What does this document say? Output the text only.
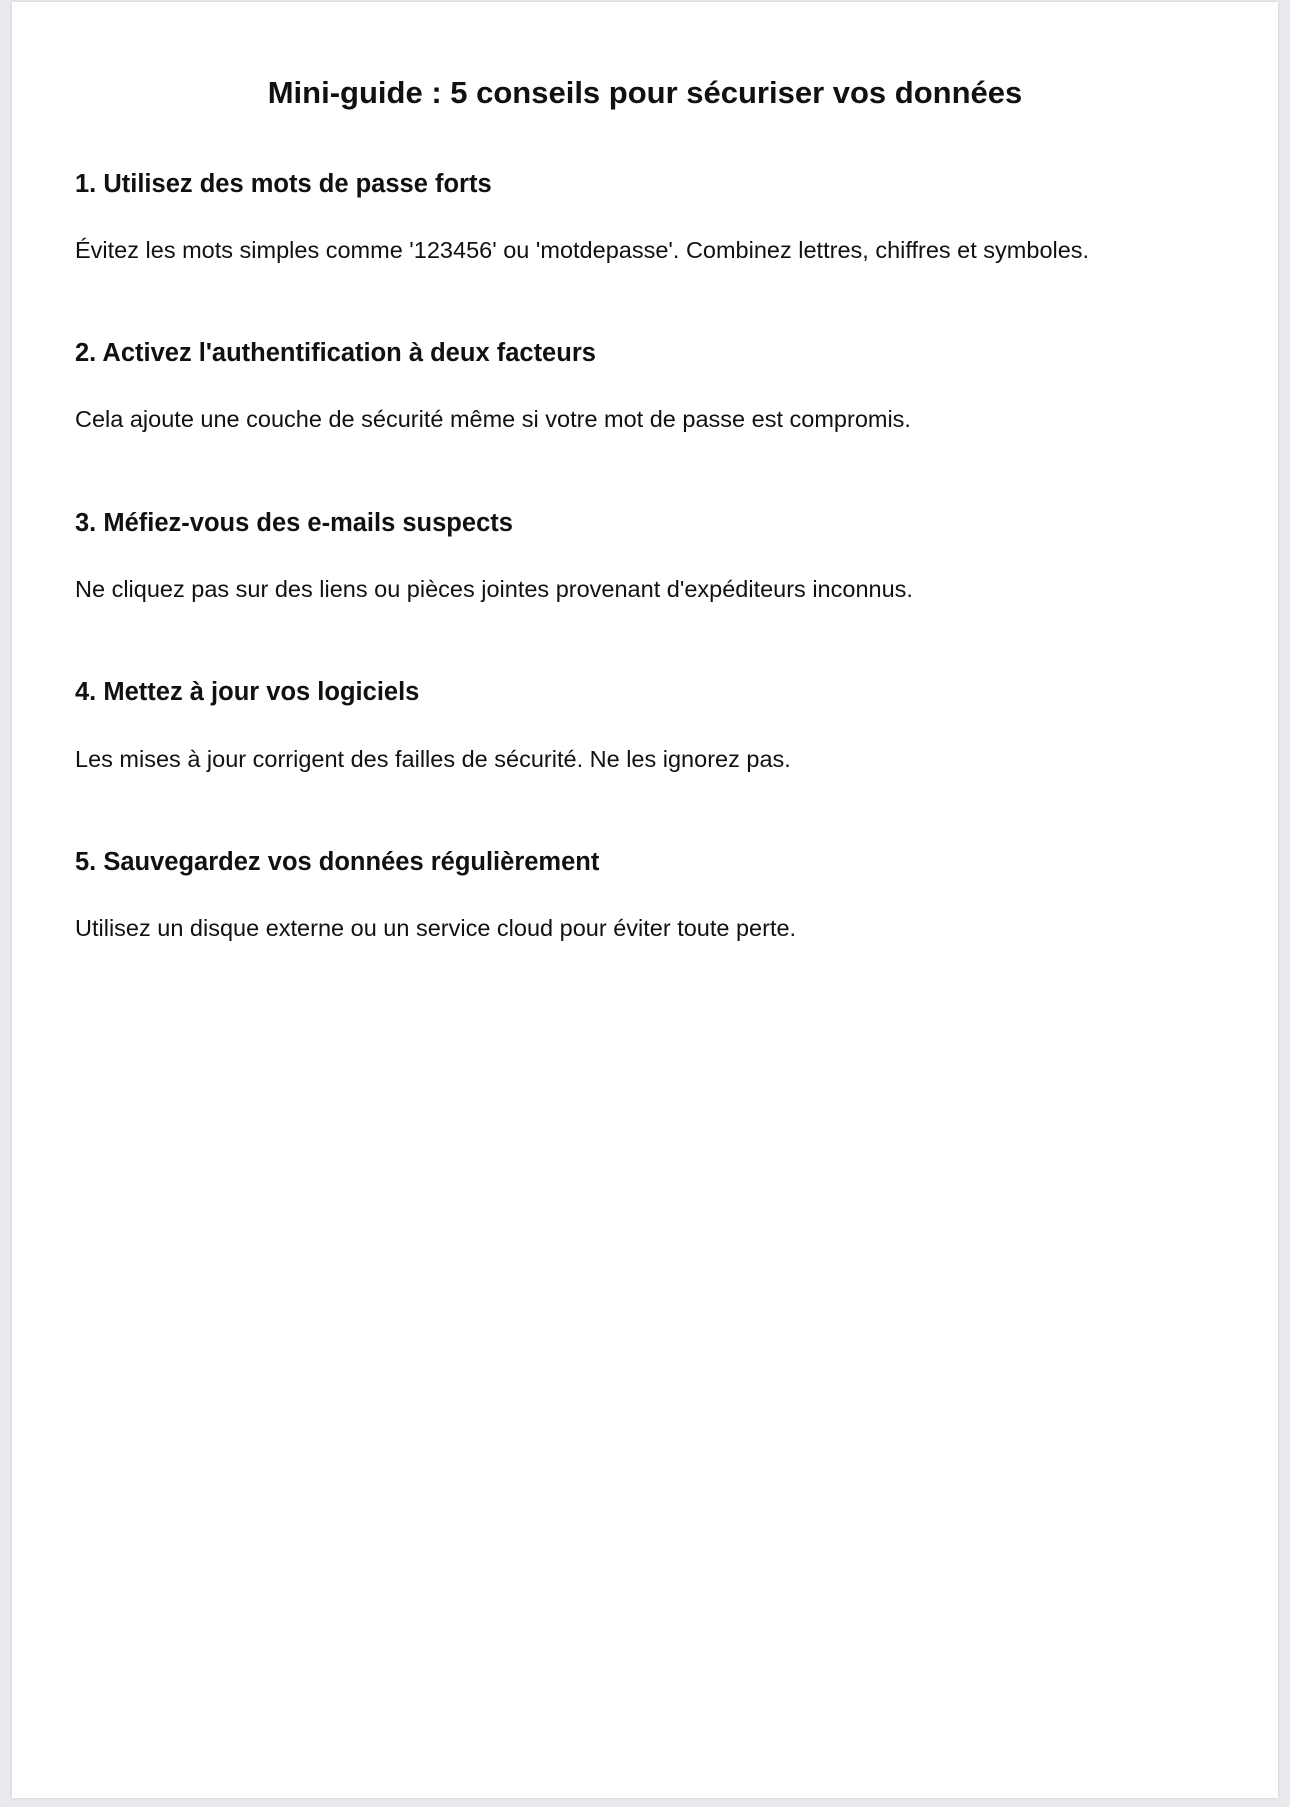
Mini-guide : 5 conseils pour sécuriser vos données
1. Utilisez des mots de passe forts

Évitez les mots simples comme '123456' ou 'motdepasse'. Combinez lettres, chiffres et symboles.

2. Activez l'authentification à deux facteurs

Cela ajoute une couche de sécurité même si votre mot de passe est compromis.

3. Méfiez-vous des e-mails suspects

Ne cliquez pas sur des liens ou pièces jointes provenant d'expéditeurs inconnus.

4. Mettez à jour vos logiciels

Les mises à jour corrigent des failles de sécurité. Ne les ignorez pas.

5. Sauvegardez vos données régulièrement

Utilisez un disque externe ou un service cloud pour éviter toute perte.
